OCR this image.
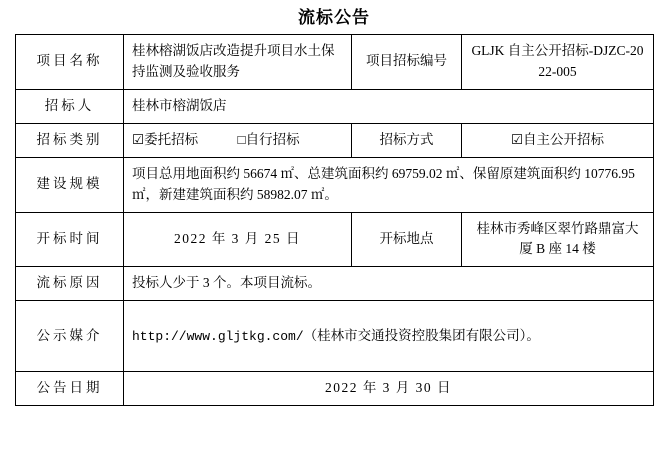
流标公告
项目名称	桂林榕湖饭店改造提升项目水土保持监测及验收服务	项目招标编号	GLJK 自主公开招标-DJZC-2022-005
招标人	桂林市榕湖饭店		
招标类别	☑委托招标 □自行招标	招标方式	☑自主公开招标
建设规模	项目总用地面积约 56674 ㎡、总建筑面积约 69759.02 ㎡、保留原建筑面积约 10776.95 ㎡，新建建筑面积约 58982.07 ㎡。		
开标时间	2022 年 3 月 25 日	开标地点	桂林市秀峰区翠竹路鼎富大厦 B 座 14 楼
流标原因	投标人少于 3 个。本项目流标。		
公示媒介	http://www.gljtkg.com/（桂林市交通投资控股集团有限公司）。		
公告日期	2022 年 3 月 30 日		
